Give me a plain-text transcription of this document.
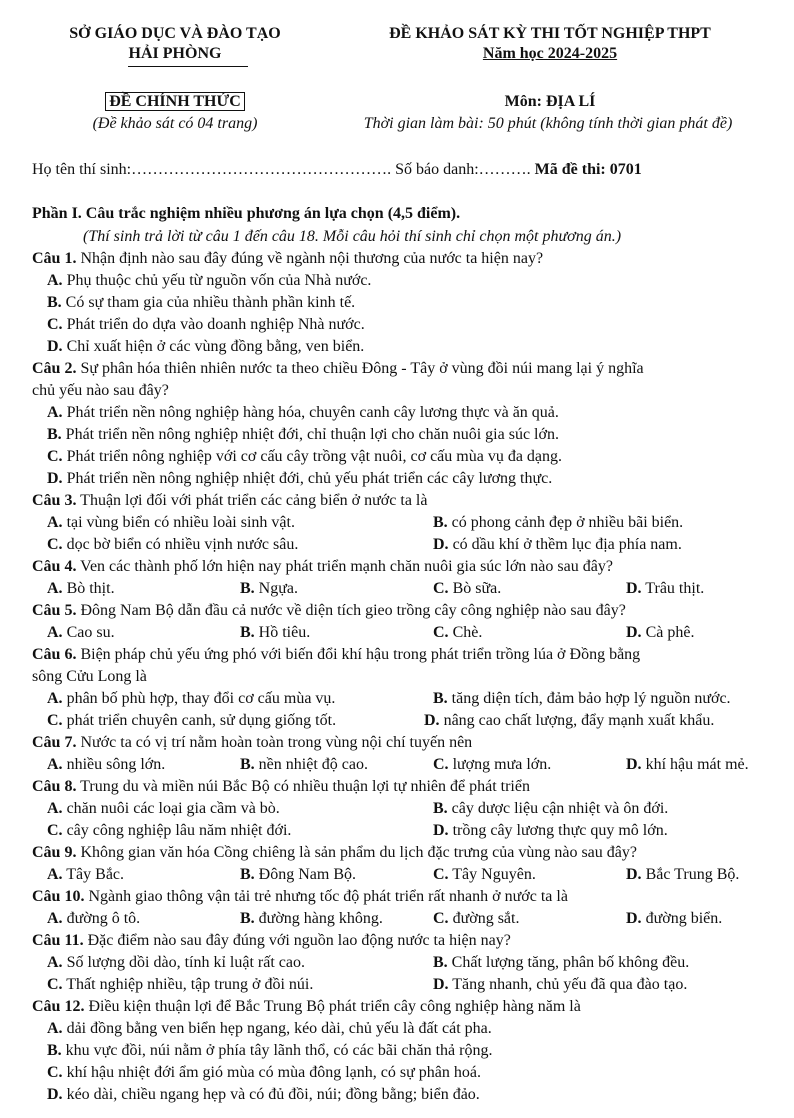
SỞ GIÁO DỤC VÀ ĐÀO TẠO
HẢI PHÒNG
ĐỀ KHẢO SÁT KỲ THI TỐT NGHIỆP THPT
Năm học 2024-2025
ĐỀ CHÍNH THỨC
(Đề khảo sát có 04 trang)
Môn: ĐỊA LÍ
Thời gian làm bài: 50 phút (không tính thời gian phát đề)
Họ tên thí sinh:…………………………………………. Số báo danh:………. Mã đề thi: 0701
Phần I. Câu trắc nghiệm nhiều phương án lựa chọn (4,5 điểm).
(Thí sinh trả lời từ câu 1 đến câu 18. Mỗi câu hỏi thí sinh chỉ chọn một phương án.)
Câu 1. Nhận định nào sau đây đúng về ngành nội thương của nước ta hiện nay?
A. Phụ thuộc chủ yếu từ nguồn vốn của Nhà nước.
B. Có sự tham gia của nhiều thành phần kinh tế.
C. Phát triển do dựa vào doanh nghiệp Nhà nước.
D. Chỉ xuất hiện ở các vùng đồng bằng, ven biển.
Câu 2. Sự phân hóa thiên nhiên nước ta theo chiều Đông - Tây ở vùng đồi núi mang lại ý nghĩa
chủ yếu nào sau đây?
A. Phát triển nền nông nghiệp hàng hóa, chuyên canh cây lương thực và ăn quả.
B. Phát triển nền nông nghiệp nhiệt đới, chỉ thuận lợi cho chăn nuôi gia súc lớn.
C. Phát triển nông nghiệp với cơ cấu cây trồng vật nuôi, cơ cấu mùa vụ đa dạng.
D. Phát triển nền nông nghiệp nhiệt đới, chủ yếu phát triển các cây lương thực.
Câu 3. Thuận lợi đối với phát triển các cảng biển ở nước ta là
A. tại vùng biển có nhiều loài sinh vật.	B. có phong cảnh đẹp ở nhiều bãi biển.
C. dọc bờ biển có nhiều vịnh nước sâu.	D. có dầu khí ở thềm lục địa phía nam.
Câu 4. Ven các thành phố lớn hiện nay phát triển mạnh chăn nuôi gia súc lớn nào sau đây?
A. Bò thịt.	B. Ngựa.	C. Bò sữa.	D. Trâu thịt.
Câu 5. Đông Nam Bộ dẫn đầu cả nước về diện tích gieo trồng cây công nghiệp nào sau đây?
A. Cao su.	B. Hồ tiêu.	C. Chè.	D. Cà phê.
Câu 6. Biện pháp chủ yếu ứng phó với biến đổi khí hậu trong phát triển trồng lúa ở Đồng bằng
sông Cửu Long là
A. phân bố phù hợp, thay đổi cơ cấu mùa vụ.	B. tăng diện tích, đảm bảo hợp lý nguồn nước.
C. phát triển chuyên canh, sử dụng giống tốt.	D. nâng cao chất lượng, đẩy mạnh xuất khẩu.
Câu 7. Nước ta có vị trí nằm hoàn toàn trong vùng nội chí tuyến nên
A. nhiều sông lớn.	B. nền nhiệt độ cao.	C. lượng mưa lớn.	D. khí hậu mát mẻ.
Câu 8. Trung du và miền núi Bắc Bộ có nhiều thuận lợi tự nhiên để phát triển
A. chăn nuôi các loại gia cầm và bò.	B. cây dược liệu cận nhiệt và ôn đới.
C. cây công nghiệp lâu năm nhiệt đới.	D. trồng cây lương thực quy mô lớn.
Câu 9. Không gian văn hóa Cồng chiêng là sản phẩm du lịch đặc trưng của vùng nào sau đây?
A. Tây Bắc.	B. Đông Nam Bộ.	C. Tây Nguyên.	D. Bắc Trung Bộ.
Câu 10. Ngành giao thông vận tải trẻ nhưng tốc độ phát triển rất nhanh ở nước ta là
A. đường ô tô.	B. đường hàng không.	C. đường sắt.	D. đường biển.
Câu 11. Đặc điểm nào sau đây đúng với nguồn lao động nước ta hiện nay?
A. Số lượng dồi dào, tính kỉ luật rất cao.	B. Chất lượng tăng, phân bố không đều.
C. Thất nghiệp nhiều, tập trung ở đồi núi.	D. Tăng nhanh, chủ yếu đã qua đào tạo.
Câu 12. Điều kiện thuận lợi để Bắc Trung Bộ phát triển cây công nghiệp hàng năm là
A. dải đồng bằng ven biển hẹp ngang, kéo dài, chủ yếu là đất cát pha.
B. khu vực đồi, núi nằm ở phía tây lãnh thổ, có các bãi chăn thả rộng.
C. khí hậu nhiệt đới ẩm gió mùa có mùa đông lạnh, có sự phân hoá.
D. kéo dài, chiều ngang hẹp và có đủ đồi, núi; đồng bằng; biển đảo.
